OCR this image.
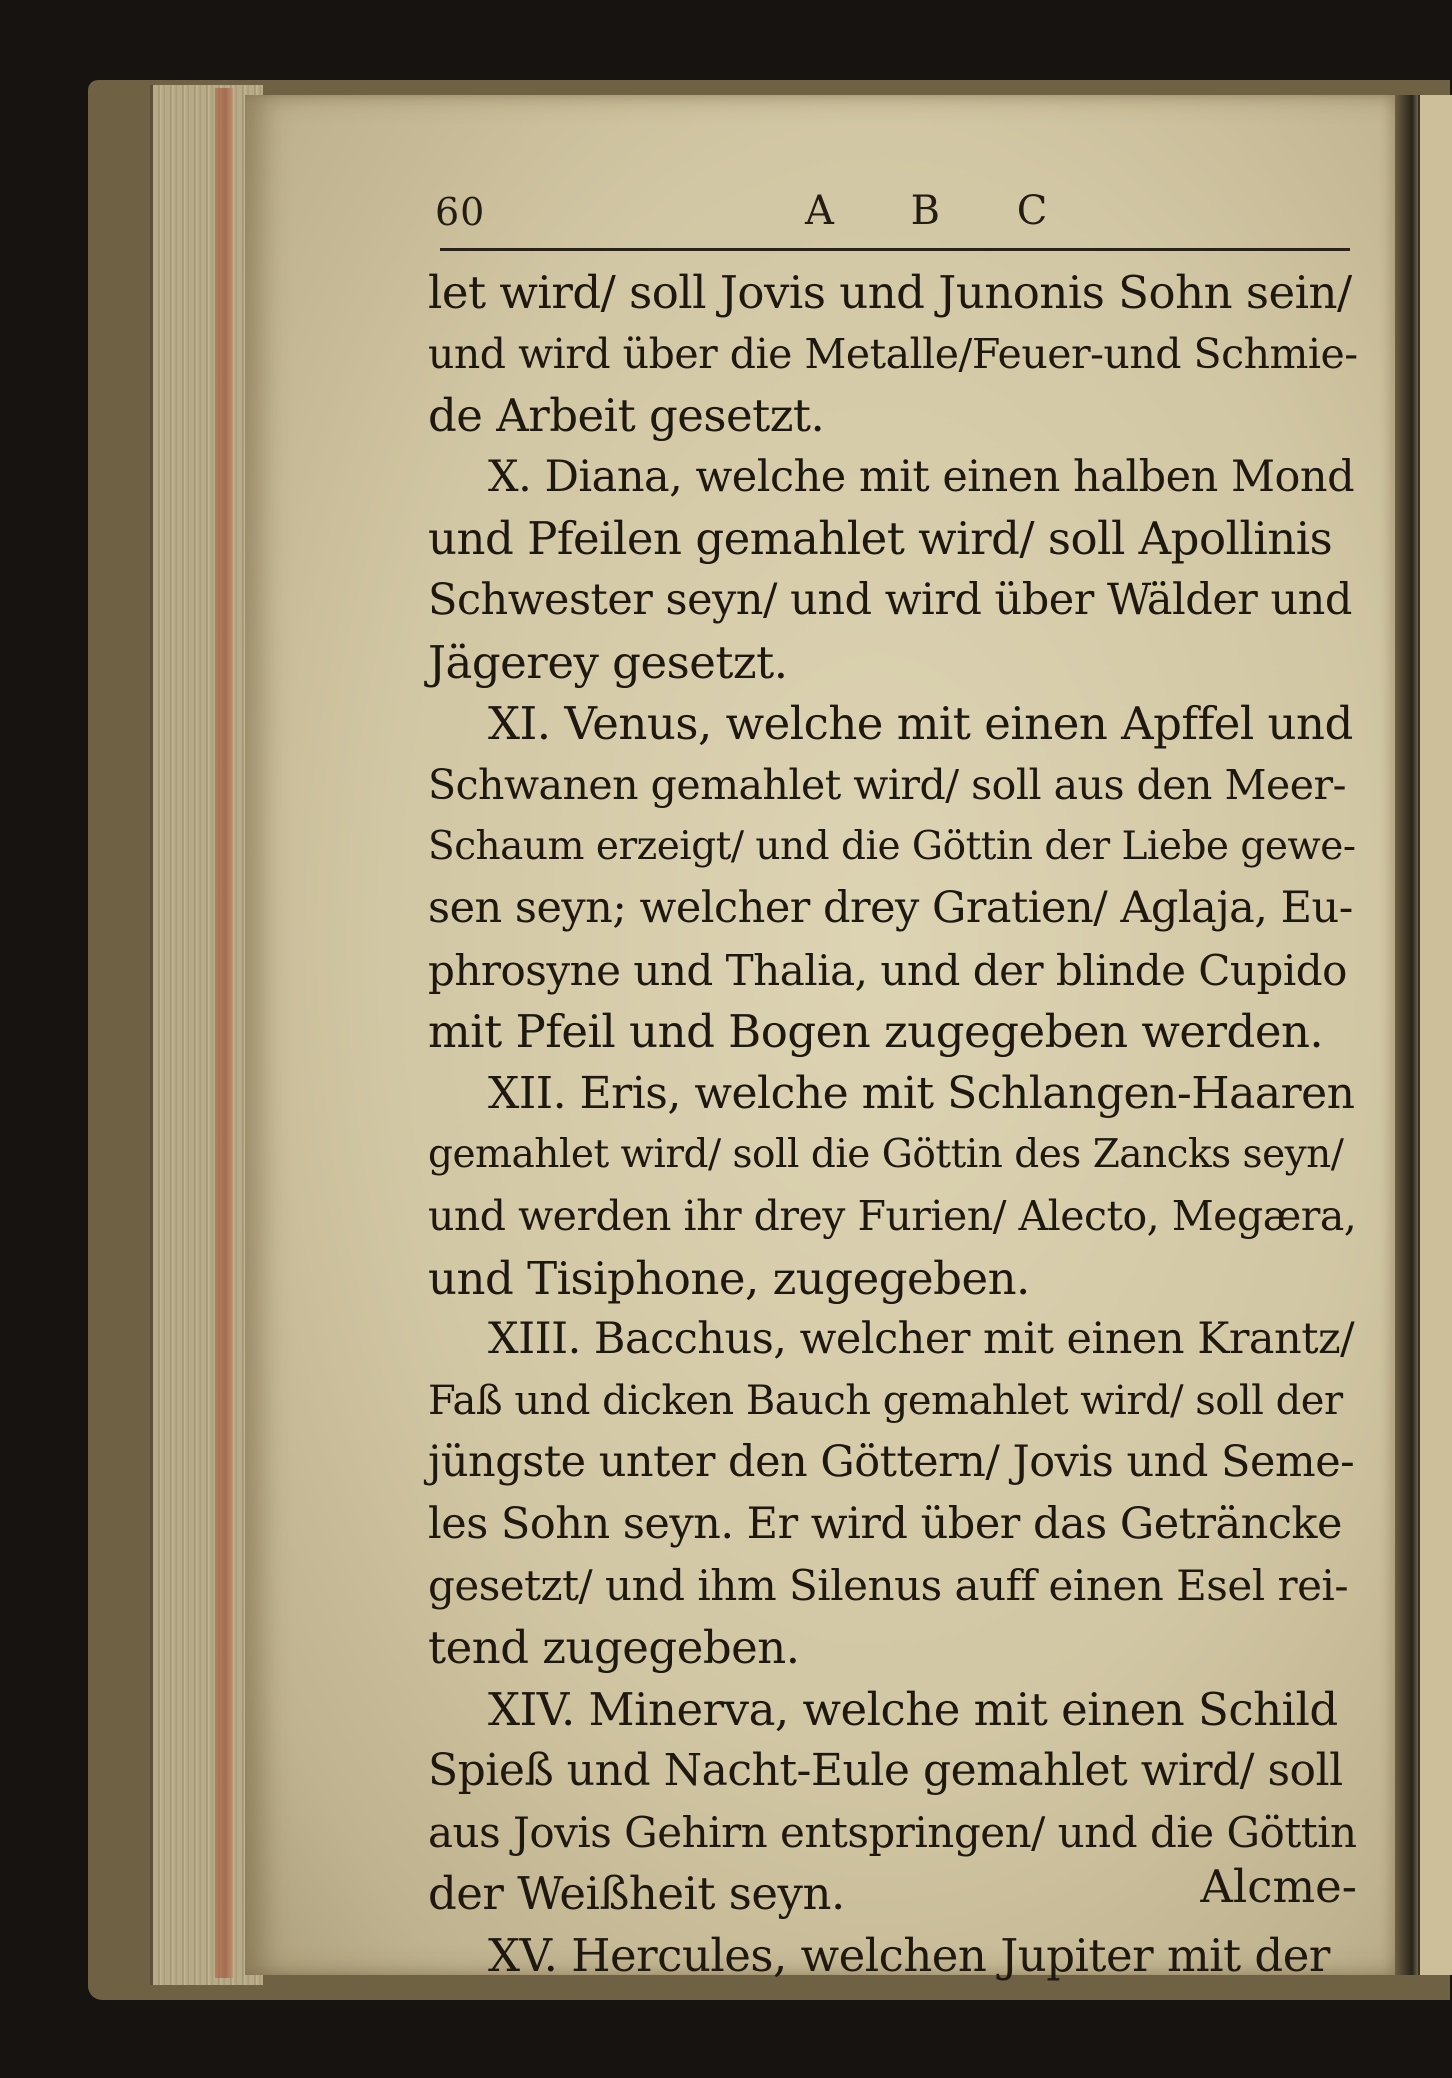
60	A B C
let wird/ soll Jovis und Junonis Sohn sein/
und wird über die Metalle/Feuer-und Schmie-
de Arbeit gesetzt.
X. Diana, welche mit einen halben Mond
und Pfeilen gemahlet wird/ soll Apollinis
Schwester seyn/ und wird über Wälder und
Jägerey gesetzt.
XI. Venus, welche mit einen Apffel und
Schwanen gemahlet wird/ soll aus den Meer-
Schaum erzeigt/ und die Göttin der Liebe gewe-
sen seyn; welcher drey Gratien/ Aglaja, Eu-
phrosyne und Thalia, und der blinde Cupido
mit Pfeil und Bogen zugegeben werden.
XII. Eris, welche mit Schlangen-Haaren
gemahlet wird/ soll die Göttin des Zancks seyn/
und werden ihr drey Furien/ Alecto, Megæra,
und Tisiphone, zugegeben.
XIII. Bacchus, welcher mit einen Krantz/
Faß und dicken Bauch gemahlet wird/ soll der
jüngste unter den Göttern/ Jovis und Seme-
les Sohn seyn. Er wird über das Geträncke
gesetzt/ und ihm Silenus auff einen Esel rei-
tend zugegeben.
XIV. Minerva, welche mit einen Schild
Spieß und Nacht-Eule gemahlet wird/ soll
aus Jovis Gehirn entspringen/ und die Göttin
der Weißheit seyn.
XV. Hercules, welchen Jupiter mit der
Alcme-
